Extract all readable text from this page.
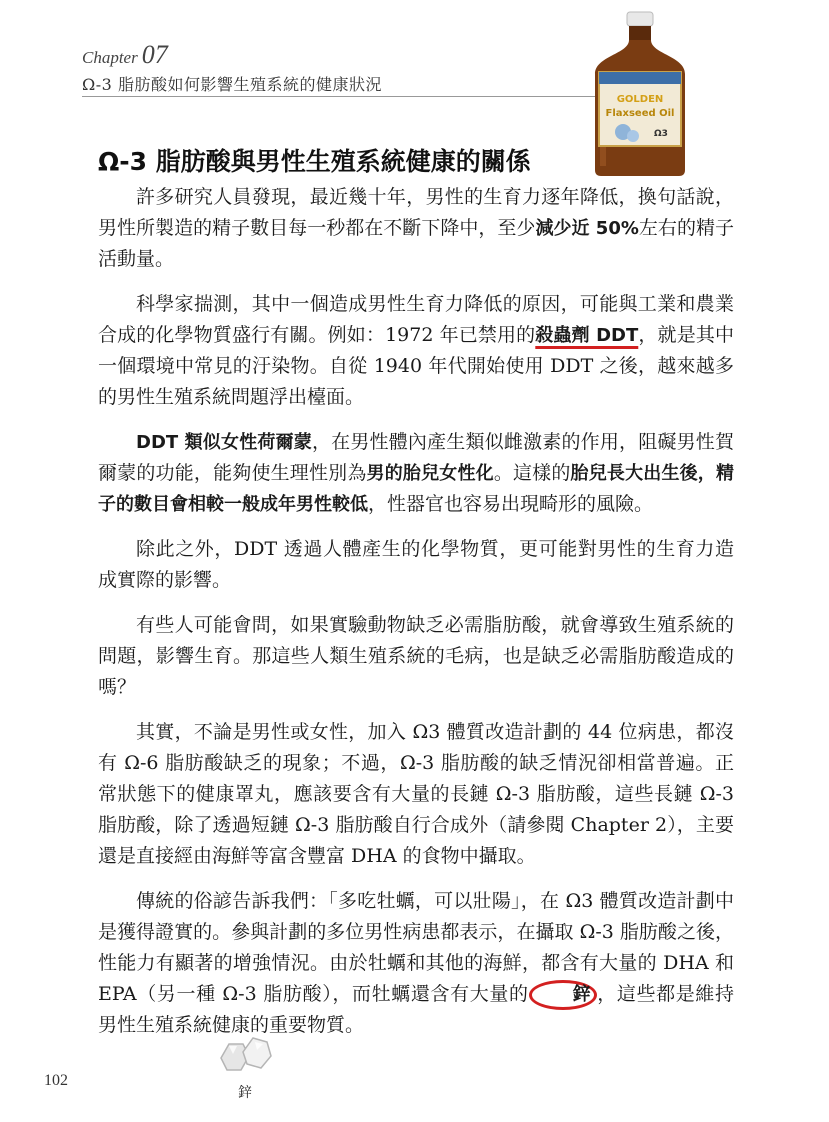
Chapter 07
Ω-3 脂肪酸如何影響生殖系統的健康狀況
GOLDEN
Flaxseed Oil
Ω3
Ω-3 脂肪酸與男性生殖系統健康的關係

許多研究人員發現，最近幾十年，男性的生育力逐年降低，換句話說，男性所製造的精子數目每一秒都在不斷下降中，至少減少近 50%左右的精子活動量。

科學家揣測，其中一個造成男性生育力降低的原因，可能與工業和農業合成的化學物質盛行有關。例如：1972 年已禁用的殺蟲劑 DDT，就是其中一個環境中常見的汙染物。自從 1940 年代開始使用 DDT 之後，越來越多的男性生殖系統問題浮出檯面。

DDT 類似女性荷爾蒙，在男性體內產生類似雌激素的作用，阻礙男性賀爾蒙的功能，能夠使生理性別為男的胎兒女性化。這樣的胎兒長大出生後，精子的數目會相較一般成年男性較低，性器官也容易出現畸形的風險。

除此之外，DDT 透過人體產生的化學物質，更可能對男性的生育力造成實際的影響。

有些人可能會問，如果實驗動物缺乏必需脂肪酸，就會導致生殖系統的問題，影響生育。那這些人類生殖系統的毛病，也是缺乏必需脂肪酸造成的嗎？

其實，不論是男性或女性，加入 Ω3 體質改造計劃的 44 位病患，都沒有 Ω-6 脂肪酸缺乏的現象；不過，Ω-3 脂肪酸的缺乏情況卻相當普遍。正常狀態下的健康罩丸，應該要含有大量的長鏈 Ω-3 脂肪酸，這些長鏈 Ω-3 脂肪酸，除了透過短鏈 Ω-3 脂肪酸自行合成外（請參閱 Chapter 2），主要還是直接經由海鮮等富含豐富 DHA 的食物中攝取。

傳統的俗諺告訴我們：「多吃牡蠣，可以壯陽」，在 Ω3 體質改造計劃中是獲得證實的。參與計劃的多位男性病患都表示，在攝取 Ω-3 脂肪酸之後，性能力有顯著的增強情況。由於牡蠣和其他的海鮮，都含有大量的 DHA 和 EPA（另一種 Ω-3 脂肪酸），而牡蠣還含有大量的 鋅 ，這些都是維持男性生殖系統健康的重要物質。

鋅
102
